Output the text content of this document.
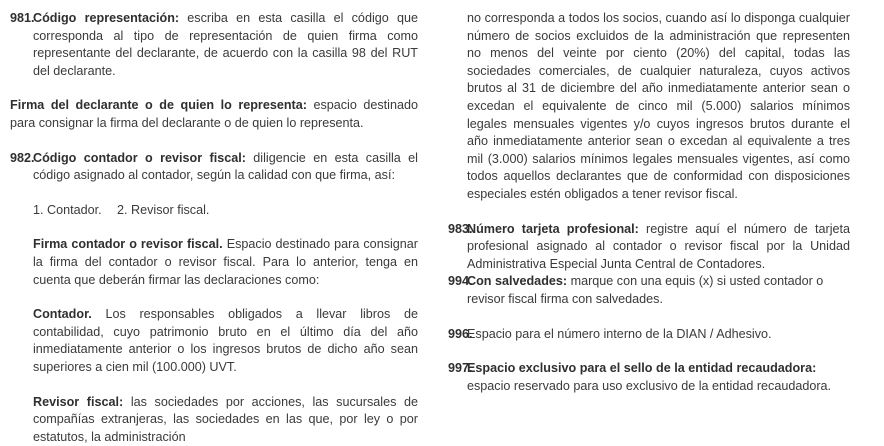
981.
Código representación: escriba en esta casilla el código que corresponda al tipo de representación de quien firma como representante del declarante, de acuerdo con la casilla 98 del RUT del declarante.

Firma del declarante o de quien lo representa: espacio destinado para consignar la firma del declarante o de quien lo representa.

982.
Código contador o revisor fiscal: diligencie en esta casilla el código asignado al contador, según la calidad con que firma, así:

1. Contador. 2. Revisor fiscal.

Firma contador o revisor fiscal. Espacio destinado para consignar la firma del contador o revisor fiscal. Para lo anterior, tenga en cuenta que deberán firmar las declaraciones como:

Contador. Los responsables obligados a llevar libros de contabilidad, cuyo patrimonio bruto en el último día del año inmediatamente anterior o los ingresos brutos de dicho año sean superiores a cien mil (100.000) UVT.

Revisor fiscal: las sociedades por acciones, las sucursales de compañías extranjeras, las sociedades en las que, por ley o por estatutos, la administración

no corresponda a todos los socios, cuando así lo disponga cualquier número de socios excluidos de la administración que representen no menos del veinte por ciento (20%) del capital, todas las sociedades comerciales, de cualquier naturaleza, cuyos activos brutos al 31 de diciembre del año inmediatamente anterior sean o excedan el equivalente de cinco mil (5.000) salarios mínimos legales mensuales vigentes y/o cuyos ingresos brutos durante el año inmediatamente anterior sean o excedan al equivalente a tres mil (3.000) salarios mínimos legales mensuales vigentes, así como todos aquellos declarantes que de conformidad con disposiciones especiales estén obligados a tener revisor fiscal.

983.
Número tarjeta profesional: registre aquí el número de tarjeta profesional asignado al contador o revisor fiscal por la Unidad Administrativa Especial Junta Central de Contadores.
994.
Con salvedades: marque con una equis (x) si usted contador o revisor fiscal firma con salvedades.
996.
Espacio para el número interno de la DIAN / Adhesivo.
997.
Espacio exclusivo para el sello de la entidad recaudadora: espacio reservado para uso exclusivo de la entidad recaudadora.
